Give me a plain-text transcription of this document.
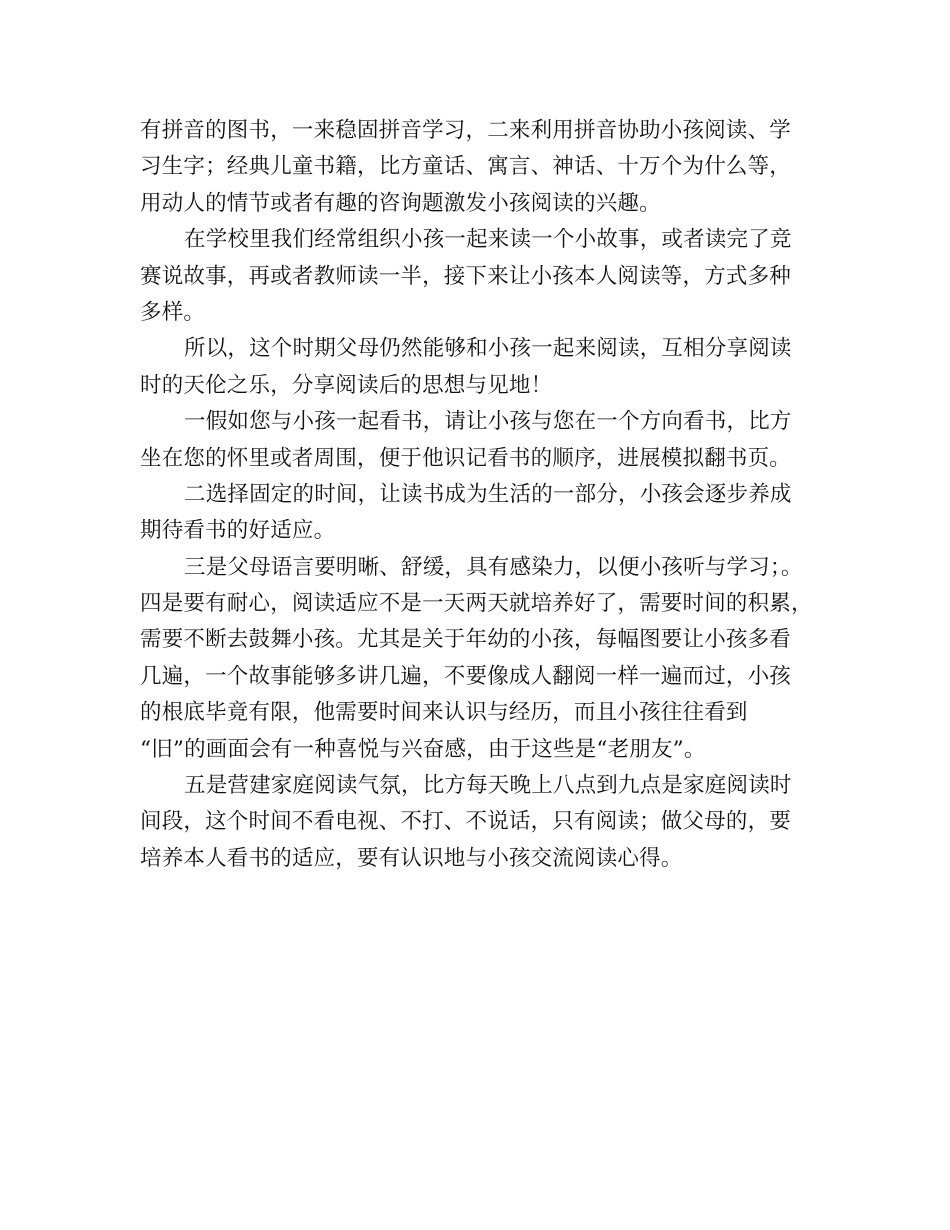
有拼音的图书，一来稳固拼音学习，二来利用拼音协助小孩阅读、学
习生字；经典儿童书籍，比方童话、寓言、神话、十万个为什么等，
用动人的情节或者有趣的咨询题激发小孩阅读的兴趣。
在学校里我们经常组织小孩一起来读一个小故事，或者读完了竞
赛说故事，再或者教师读一半，接下来让小孩本人阅读等，方式多种
多样。
所以，这个时期父母仍然能够和小孩一起来阅读，互相分享阅读
时的天伦之乐，分享阅读后的思想与见地！
一假如您与小孩一起看书，请让小孩与您在一个方向看书，比方
坐在您的怀里或者周围，便于他识记看书的顺序，进展模拟翻书页。
二选择固定的时间，让读书成为生活的一部分，小孩会逐步养成
期待看书的好适应。
三是父母语言要明晰、舒缓，具有感染力，以便小孩听与学习；。
四是要有耐心，阅读适应不是一天两天就培养好了，需要时间的积累，
需要不断去鼓舞小孩。尤其是关于年幼的小孩，每幅图要让小孩多看
几遍，一个故事能够多讲几遍，不要像成人翻阅一样一遍而过，小孩
的根底毕竟有限，他需要时间来认识与经历，而且小孩往往看到
“旧”的画面会有一种喜悦与兴奋感，由于这些是“老朋友”。
五是营建家庭阅读气氛，比方每天晚上八点到九点是家庭阅读时
间段，这个时间不看电视、不打、不说话，只有阅读；做父母的，要
培养本人看书的适应，要有认识地与小孩交流阅读心得。
